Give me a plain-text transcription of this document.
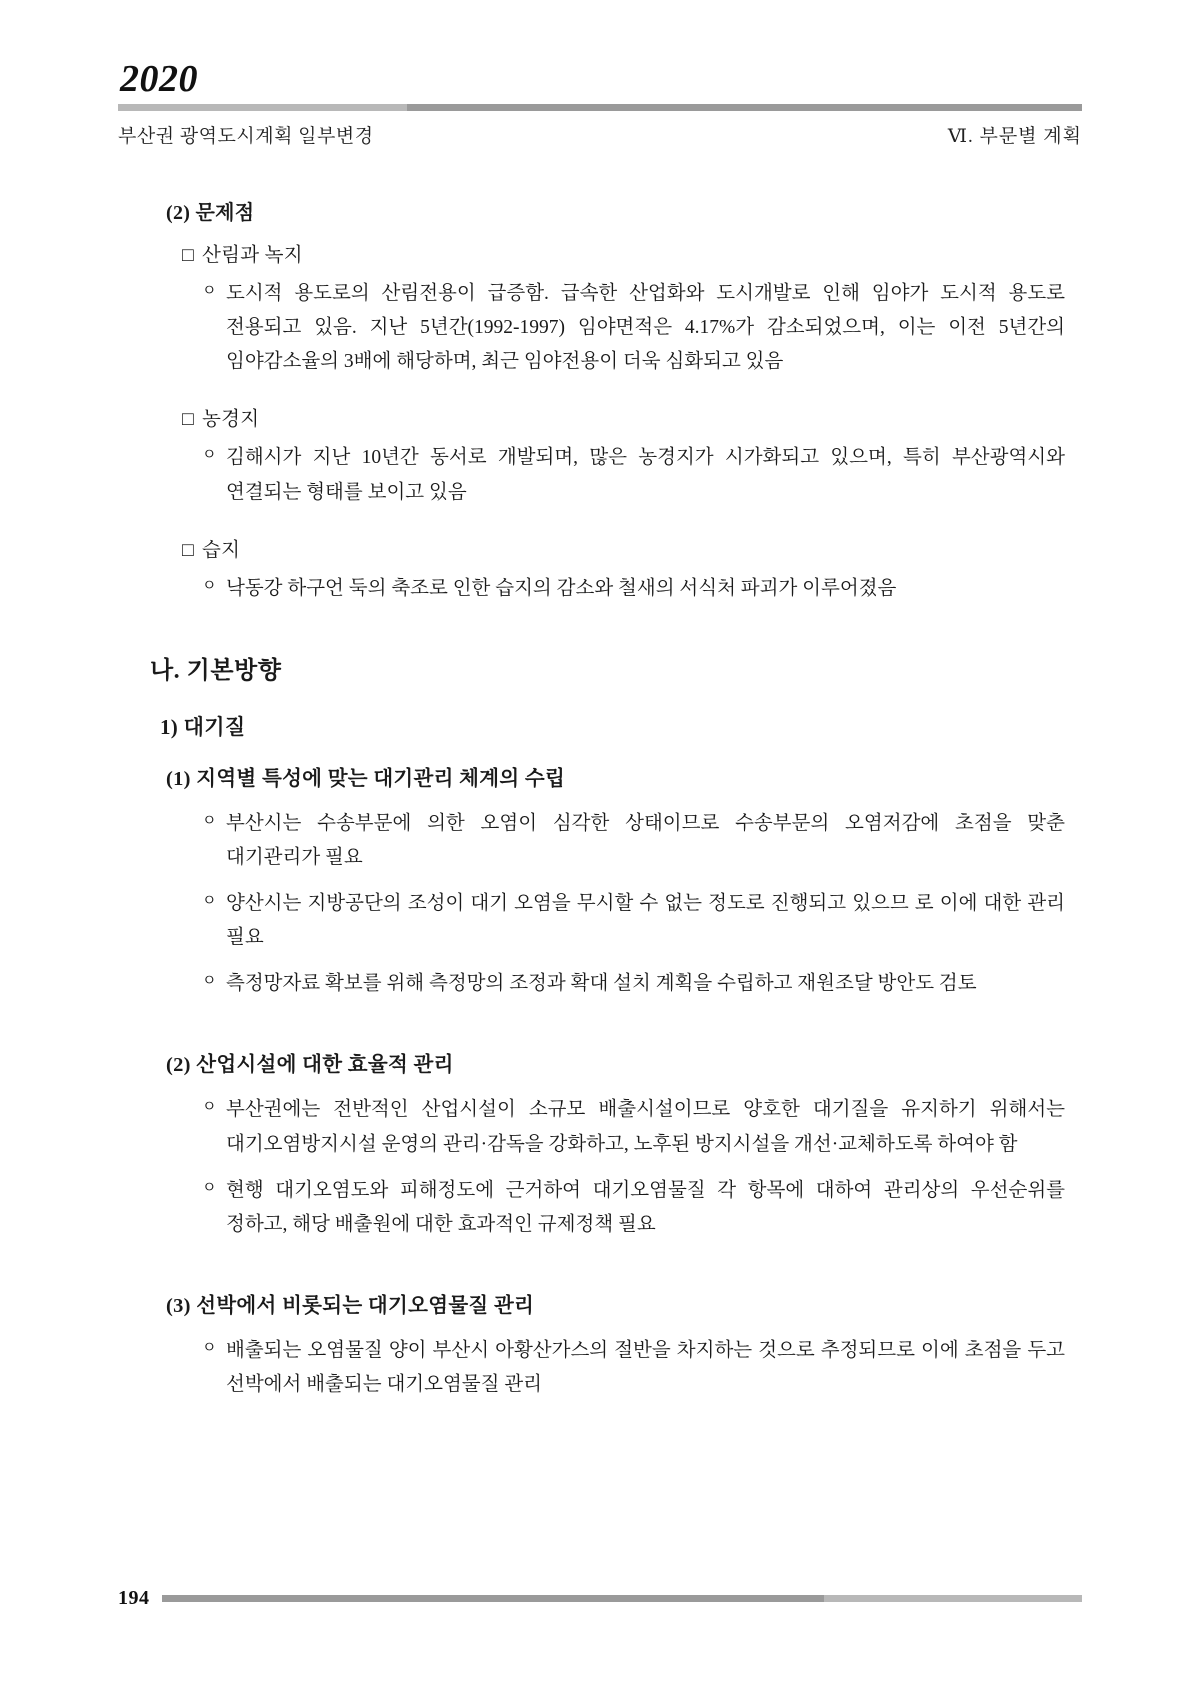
2020
부산권 광역도시계획 일부변경	Ⅵ. 부문별 계획
(2) 문제점
□ 산림과 녹지
ㅇ 도시적 용도로의 산림전용이 급증함. 급속한 산업화와 도시개발로 인해 임야가 도시적 용도로 전용되고 있음. 지난 5년간(1992-1997) 임야면적은 4.17%가 감소되었으며, 이는 이전 5년간의 임야감소율의 3배에 해당하며, 최근 임야전용이 더욱 심화되고 있음
□ 농경지
ㅇ 김해시가 지난 10년간 동서로 개발되며, 많은 농경지가 시가화되고 있으며, 특히 부산광역시와 연결되는 형태를 보이고 있음
□ 습지
ㅇ 낙동강 하구언 둑의 축조로 인한 습지의 감소와 철새의 서식처 파괴가 이루어졌음
나. 기본방향
1) 대기질
(1) 지역별 특성에 맞는 대기관리 체계의 수립
ㅇ 부산시는 수송부문에 의한 오염이 심각한 상태이므로 수송부문의 오염저감에 초점을 맞춘 대기관리가 필요
ㅇ 양산시는 지방공단의 조성이 대기 오염을 무시할 수 없는 정도로 진행되고 있으므 로 이에 대한 관리 필요
ㅇ 측정망자료 확보를 위해 측정망의 조정과 확대 설치 계획을 수립하고 재원조달 방안도 검토
(2) 산업시설에 대한 효율적 관리
ㅇ 부산권에는 전반적인 산업시설이 소규모 배출시설이므로 양호한 대기질을 유지하기 위해서는 대기오염방지시설 운영의 관리·감독을 강화하고, 노후된 방지시설을 개선·교체하도록 하여야 함
ㅇ 현행 대기오염도와 피해정도에 근거하여 대기오염물질 각 항목에 대하여 관리상의 우선순위를 정하고, 해당 배출원에 대한 효과적인 규제정책 필요
(3) 선박에서 비롯되는 대기오염물질 관리
ㅇ 배출되는 오염물질 양이 부산시 아황산가스의 절반을 차지하는 것으로 추정되므로 이에 초점을 두고 선박에서 배출되는 대기오염물질 관리
194
